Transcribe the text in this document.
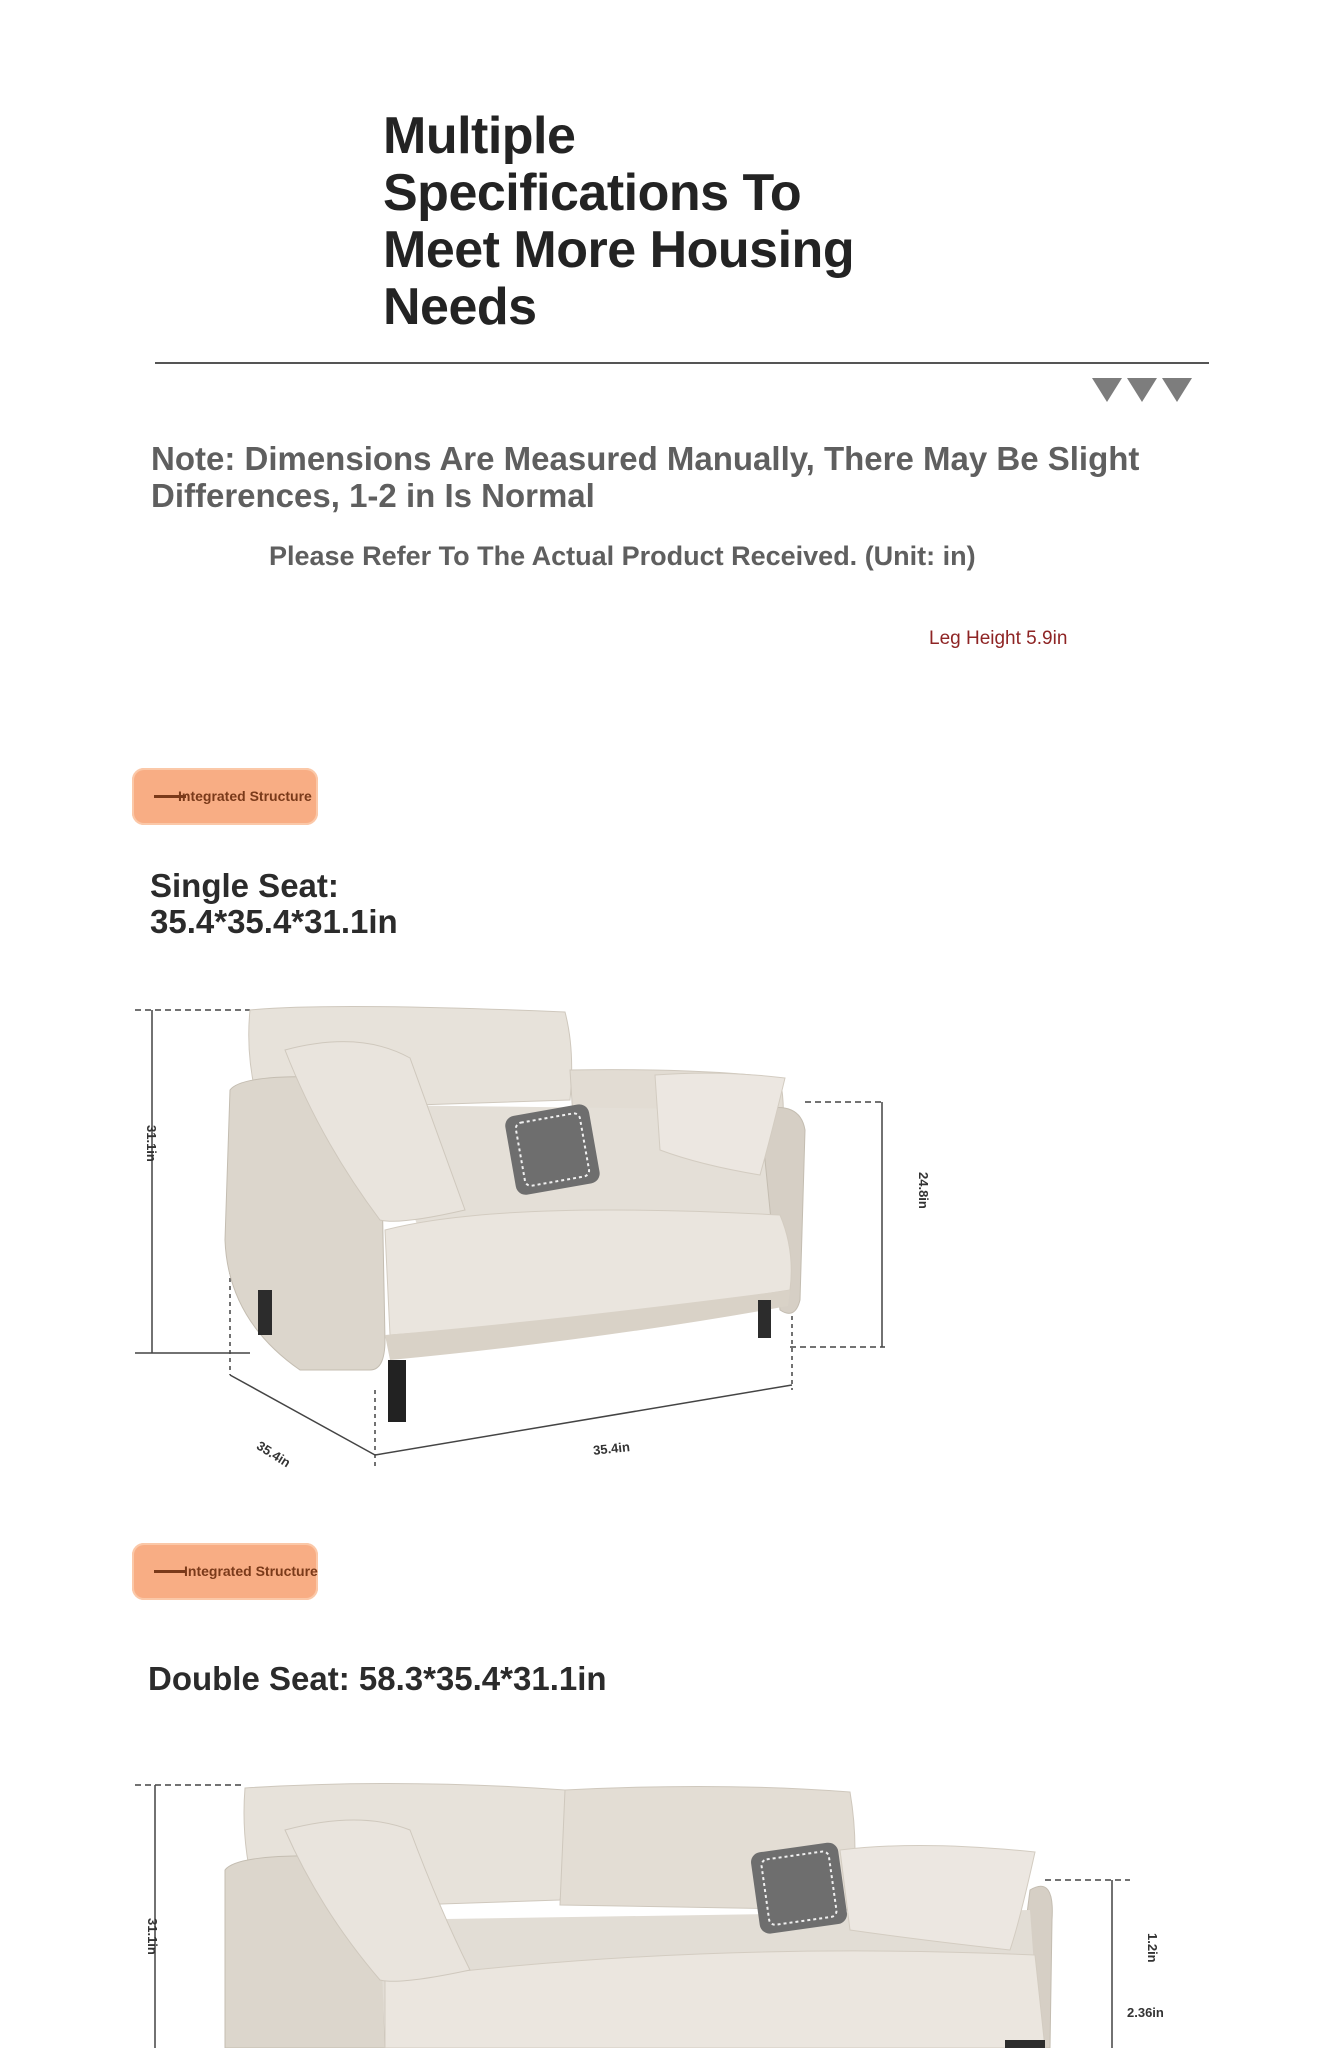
Multiple
Specifications To
Meet More Housing
Needs
Note: Dimensions Are Measured Manually, There May Be Slight Differences, 1-2 in Is Normal
Please Refer To The Actual Product Received. (Unit: in)
Leg Height 5.9in
Integrated Structure
Single Seat:
35.4*35.4*31.1in
31.1in
24.8in
35.4in	35.4in
Integrated Structure
Double Seat: 58.3*35.4*31.1in
31.1in	1.2in
2.36in
